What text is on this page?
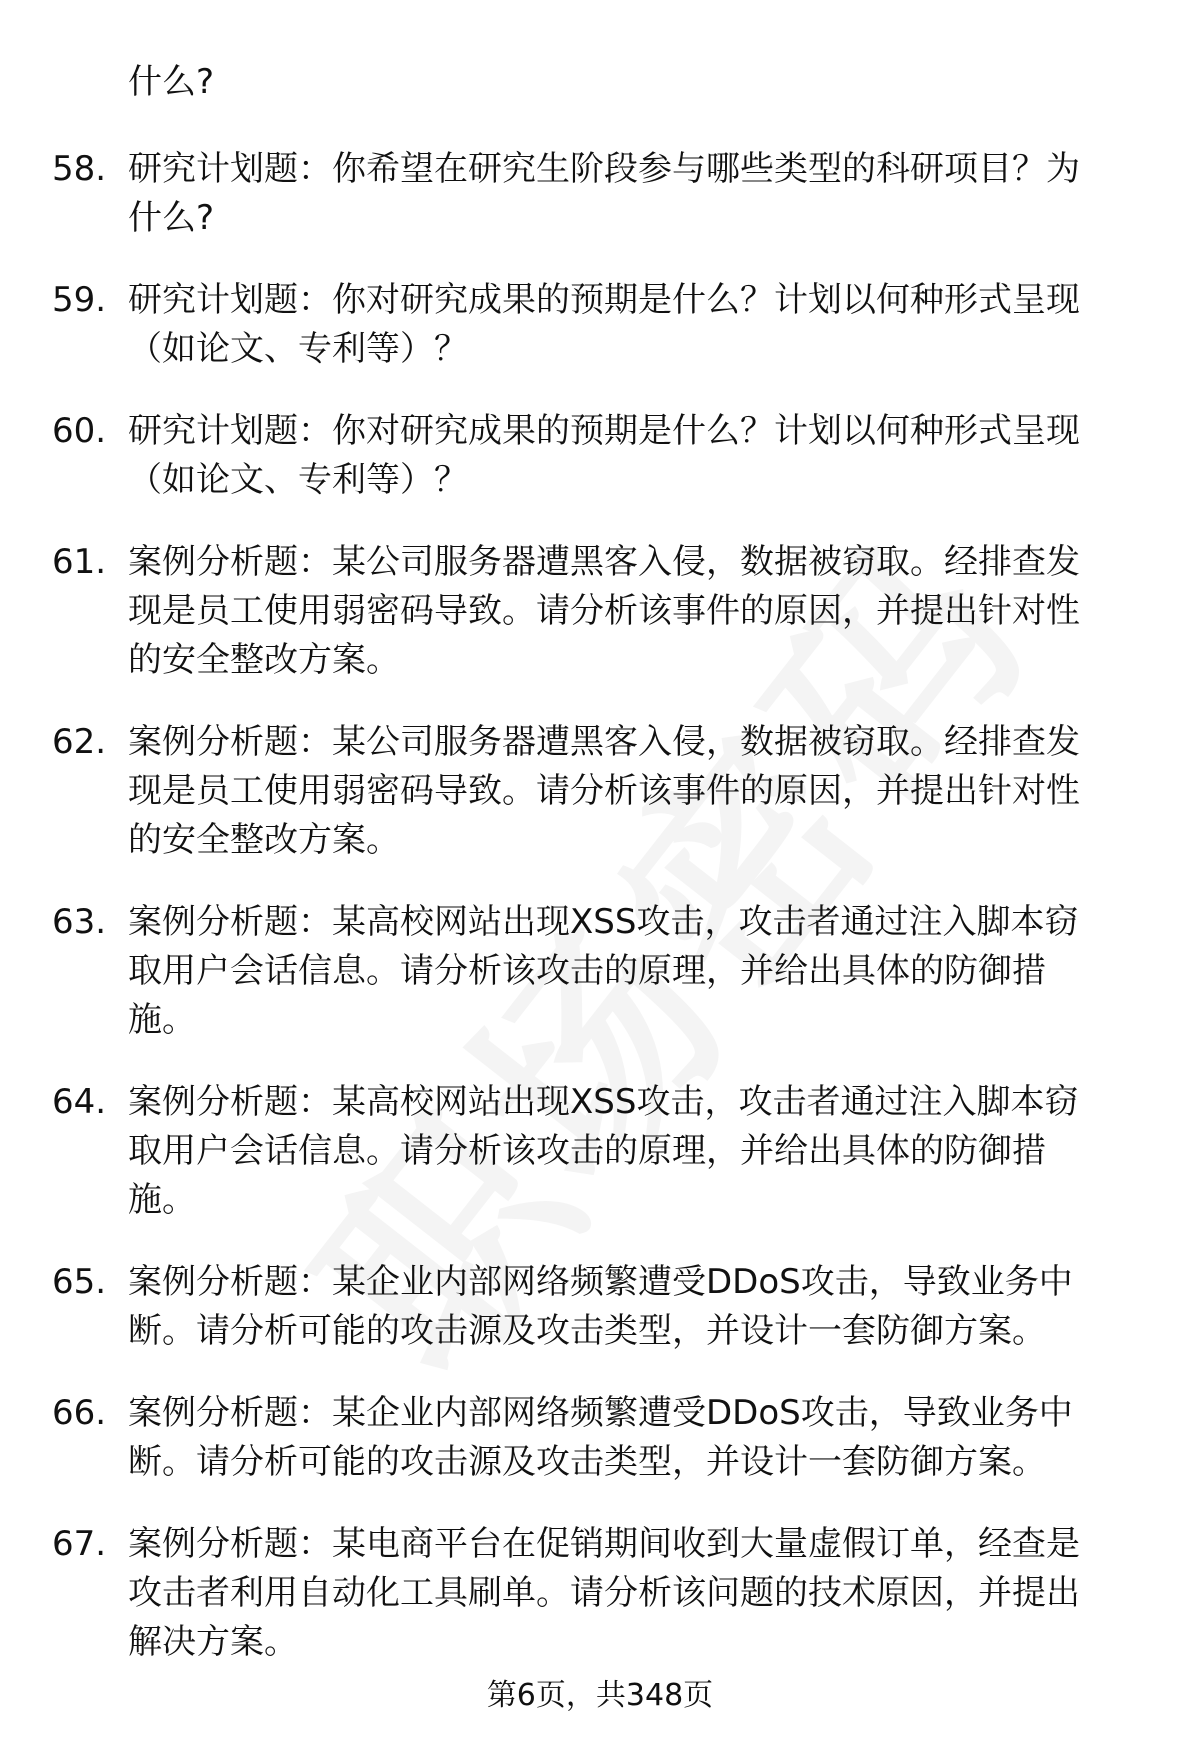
什么?
58. 研究计划题：你希望在研究生阶段参与哪些类型的科研项目？为
什么?
59. 研究计划题：你对研究成果的预期是什么？计划以何种形式呈现
（如论文、专利等）？
60. 研究计划题：你对研究成果的预期是什么？计划以何种形式呈现
（如论文、专利等）？
61. 案例分析题：某公司服务器遭黑客入侵，数据被窃取。经排查发
现是员工使用弱密码导致。请分析该事件的原因，并提出针对性
的安全整改方案。
62. 案例分析题：某公司服务器遭黑客入侵，数据被窃取。经排查发
现是员工使用弱密码导致。请分析该事件的原因，并提出针对性
的安全整改方案。
63. 案例分析题：某高校网站出现XSS攻击，攻击者通过注入脚本窃
取用户会话信息。请分析该攻击的原理，并给出具体的防御措
施。
64. 案例分析题：某高校网站出现XSS攻击，攻击者通过注入脚本窃
取用户会话信息。请分析该攻击的原理，并给出具体的防御措
施。
65. 案例分析题：某企业内部网络频繁遭受DDoS攻击，导致业务中
断。请分析可能的攻击源及攻击类型，并设计一套防御方案。
66. 案例分析题：某企业内部网络频繁遭受DDoS攻击，导致业务中
断。请分析可能的攻击源及攻击类型，并设计一套防御方案。
67. 案例分析题：某电商平台在促销期间收到大量虚假订单，经查是
攻击者利用自动化工具刷单。请分析该问题的技术原因，并提出
解决方案。
第6页，共348页
